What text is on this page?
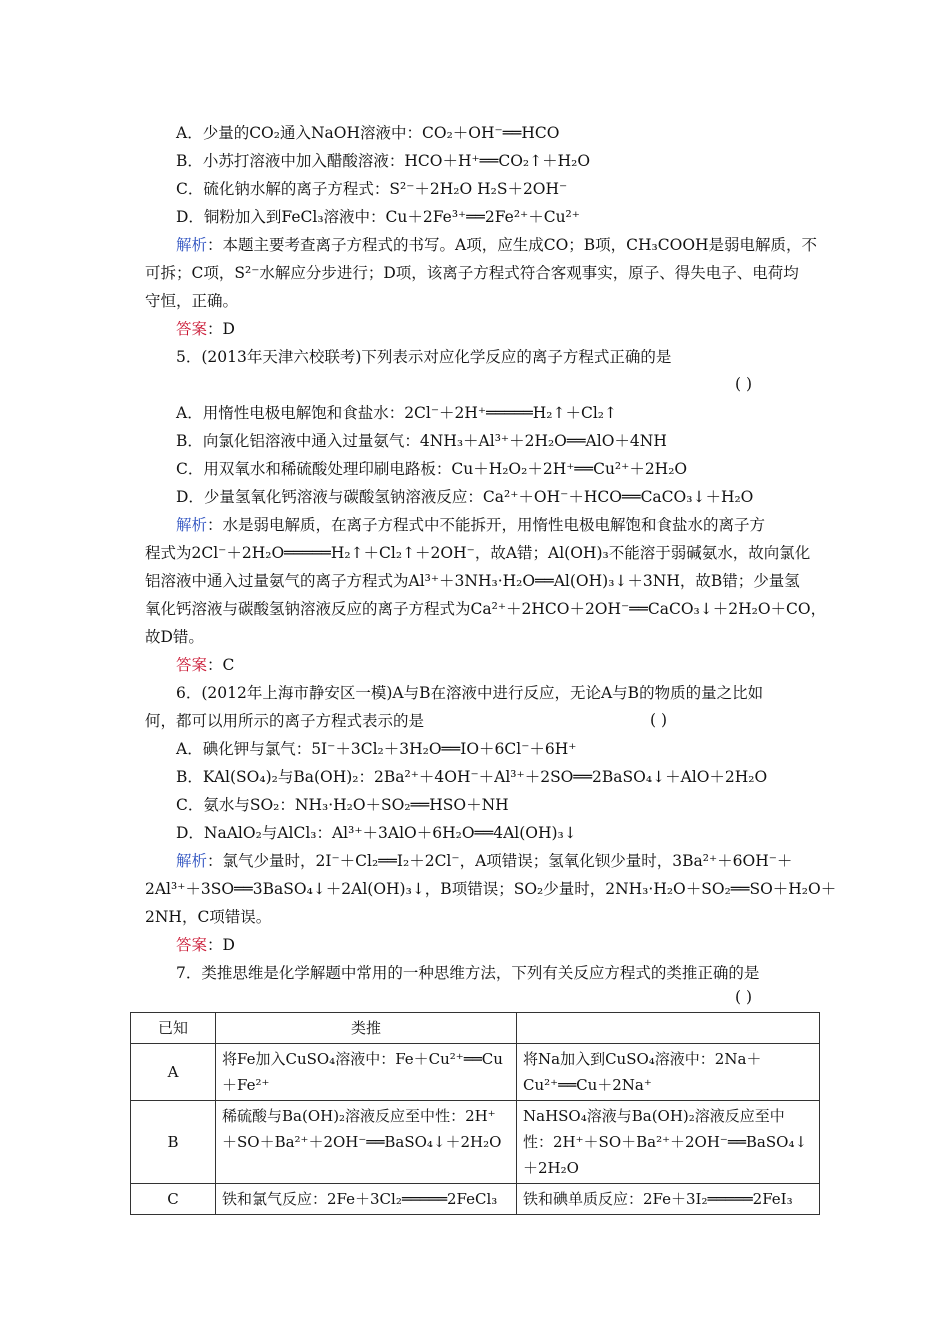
A．少量的CO₂通入NaOH溶液中：CO₂＋OH⁻══HCO
B．小苏打溶液中加入醋酸溶液：HCO＋H⁺══CO₂↑＋H₂O
C．硫化钠水解的离子方程式：S²⁻＋2H₂O H₂S＋2OH⁻
D．铜粉加入到FeCl₃溶液中：Cu＋2Fe³⁺══2Fe²⁺＋Cu²⁺
解析：本题主要考查离子方程式的书写。A项，应生成CO；B项，CH₃COOH是弱电解质，不
可拆；C项，S²⁻水解应分步进行；D项，该离子方程式符合客观事实，原子、得失电子、电荷均
守恒，正确。
答案：D
5．(2013年天津六校联考)下列表示对应化学反应的离子方程式正确的是
( )
A．用惰性电极电解饱和食盐水：2Cl⁻＋2H⁺═════H₂↑＋Cl₂↑
B．向氯化铝溶液中通入过量氨气：4NH₃＋Al³⁺＋2H₂O══AlO＋4NH
C．用双氧水和稀硫酸处理印刷电路板：Cu＋H₂O₂＋2H⁺══Cu²⁺＋2H₂O
D．少量氢氧化钙溶液与碳酸氢钠溶液反应：Ca²⁺＋OH⁻＋HCO══CaCO₃↓＋H₂O
解析：水是弱电解质，在离子方程式中不能拆开，用惰性电极电解饱和食盐水的离子方
程式为2Cl⁻＋2H₂O═════H₂↑＋Cl₂↑＋2OH⁻，故A错；Al(OH)₃不能溶于弱碱氨水，故向氯化
铝溶液中通入过量氨气的离子方程式为Al³⁺＋3NH₃·H₂O══Al(OH)₃↓＋3NH，故B错；少量氢
氧化钙溶液与碳酸氢钠溶液反应的离子方程式为Ca²⁺＋2HCO＋2OH⁻══CaCO₃↓＋2H₂O＋CO，
故D错。
答案：C
6．(2012年上海市静安区一模)A与B在溶液中进行反应，无论A与B的物质的量之比如
何，都可以用所示的离子方程式表示的是	( )
A．碘化钾与氯气：5I⁻＋3Cl₂＋3H₂O══IO＋6Cl⁻＋6H⁺
B．KAl(SO₄)₂与Ba(OH)₂：2Ba²⁺＋4OH⁻＋Al³⁺＋2SO══2BaSO₄↓＋AlO＋2H₂O
C．氨水与SO₂：NH₃·H₂O＋SO₂══HSO＋NH
D．NaAlO₂与AlCl₃：Al³⁺＋3AlO＋6H₂O══4Al(OH)₃↓
解析：氯气少量时，2I⁻＋Cl₂══I₂＋2Cl⁻，A项错误；氢氧化钡少量时，3Ba²⁺＋6OH⁻＋
2Al³⁺＋3SO══3BaSO₄↓＋2Al(OH)₃↓，B项错误；SO₂少量时，2NH₃·H₂O＋SO₂══SO＋H₂O＋
2NH，C项错误。
答案：D
7．类推思维是化学解题中常用的一种思维方法，下列有关反应方程式的类推正确的是
( )
已知	类推	
A	将Fe加入CuSO₄溶液中：Fe＋Cu²⁺══Cu＋Fe²⁺	将Na加入到CuSO₄溶液中：2Na＋Cu²⁺══Cu＋2Na⁺
B	稀硫酸与Ba(OH)₂溶液反应至中性：2H⁺＋SO＋Ba²⁺＋2OH⁻══BaSO₄↓＋2H₂O	NaHSO₄溶液与Ba(OH)₂溶液反应至中性：2H⁺＋SO＋Ba²⁺＋2OH⁻══BaSO₄↓＋2H₂O
C	铁和氯气反应：2Fe＋3Cl₂═════2FeCl₃	铁和碘单质反应：2Fe＋3I₂═════2FeI₃
